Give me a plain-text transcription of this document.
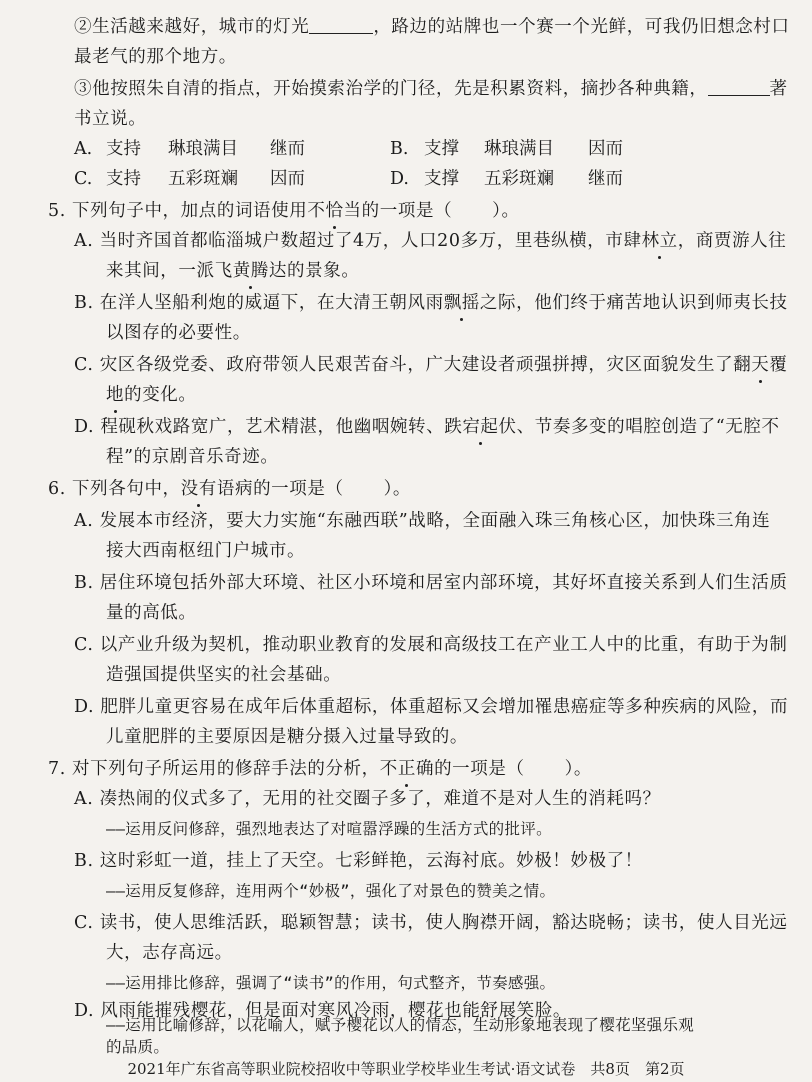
②生活越来越好，城市的灯光	，路边的站牌也一个赛一个光鲜，可我仍旧想念村口
最老气的那个地方。
③他按照朱自清的指点，开始摸索治学的门径，先是积累资料，摘抄各种典籍，	著
书立说。
A. 支持 琳琅满目 继而	B. 支撑 琳琅满目 因而
C. 支持 五彩斑斓 因而	D. 支撑 五彩斑斓 继而
5. 下列句子中，加点的词语使用不恰当的一项是（ ）。
A. 当时齐国首都临淄城户数超过了4万，人口20多万，里巷纵横，市肆林立，商贾游人往
来其间，一派飞黄腾达的景象。
B. 在洋人坚船利炮的威逼下，在大清王朝风雨飘摇之际，他们终于痛苦地认识到师夷长技
以图存的必要性。
C. 灾区各级党委、政府带领人民艰苦奋斗，广大建设者顽强拼搏，灾区面貌发生了翻天覆
地的变化。
D. 程砚秋戏路宽广，艺术精湛，他幽咽婉转、跌宕起伏、节奏多变的唱腔创造了“无腔不
程”的京剧音乐奇迹。
6. 下列各句中，没有语病的一项是（ ）。
A. 发展本市经济，要大力实施“东融西联”战略，全面融入珠三角核心区，加快珠三角连
接大西南枢纽门户城市。
B. 居住环境包括外部大环境、社区小环境和居室内部环境，其好坏直接关系到人们生活质
量的高低。
C. 以产业升级为契机，推动职业教育的发展和高级技工在产业工人中的比重，有助于为制
造强国提供坚实的社会基础。
D. 肥胖儿童更容易在成年后体重超标，体重超标又会增加罹患癌症等多种疾病的风险，而
儿童肥胖的主要原因是糖分摄入过量导致的。
7. 对下列句子所运用的修辞手法的分析，不正确的一项是（ ）。
A. 凑热闹的仪式多了，无用的社交圈子多了，难道不是对人生的消耗吗？
——运用反问修辞，强烈地表达了对喧嚣浮躁的生活方式的批评。
B. 这时彩虹一道，挂上了天空。七彩鲜艳，云海衬底。妙极！妙极了！
——运用反复修辞，连用两个“妙极”，强化了对景色的赞美之情。
C. 读书，使人思维活跃，聪颖智慧；读书，使人胸襟开阔，豁达晓畅；读书，使人目光远
大，志存高远。
——运用排比修辞，强调了“读书”的作用，句式整齐，节奏感强。
D. 风雨能摧残樱花，但是面对寒风冷雨，樱花也能舒展笑脸。
——运用比喻修辞，以花喻人，赋予樱花以人的情态，生动形象地表现了樱花坚强乐观
的品质。
2021年广东省高等职业院校招收中等职业学校毕业生考试·语文试卷　共8页　第2页
